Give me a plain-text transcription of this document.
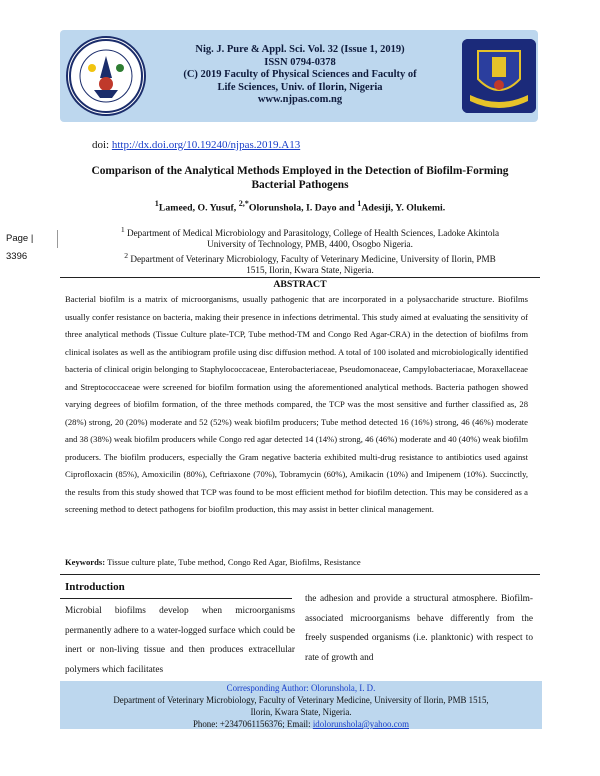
Nig. J. Pure & Appl. Sci. Vol. 32 (Issue 1, 2019)
ISSN 0794-0378
(C) 2019 Faculty of Physical Sciences and Faculty of
Life Sciences, Univ. of Ilorin, Nigeria
www.njpas.com.ng
doi: http://dx.doi.org/10.19240/njpas.2019.A13
Comparison of the Analytical Methods Employed in the Detection of Biofilm-Forming Bacterial Pathogens
$^1$Lameed, O. Yusuf, $^{2,*}$Olorunshola, I. Dayo and $^1$Adesiji, Y. Olukemi.
Page | 3396
$^1$ Department of Medical Microbiology and Parasitology, College of Health Sciences, Ladoke Akintola University of Technology, PMB, 4400, Osogbo Nigeria.
$^2$ Department of Veterinary Microbiology, Faculty of Veterinary Medicine, University of Ilorin, PMB 1515, Ilorin, Kwara State, Nigeria.
ABSTRACT
Bacterial biofilm is a matrix of microorganisms, usually pathogenic that are incorporated in a polysaccharide structure. Biofilms usually confer resistance on bacteria, making their presence in infections detrimental. This study aimed at evaluating the sensitivity of three analytical methods (Tissue Culture plate-TCP, Tube method-TM and Congo Red Agar-CRA) in the detection of biofilms from clinical isolates as well as the antibiogram profile using disc diffusion method. A total of 100 isolated and microbiologically identified bacteria of clinical origin belonging to Staphylococcaceae, Enterobacteriaceae, Pseudomonaceae, Campylobacteriacae, Moraxellaceae and Streptococcaceae were screened for biofilm formation using the aforementioned analytical methods. Bacteria pathogen showed varying degrees of biofilm formation, of the three methods compared, the TCP was the most sensitive and further classified as, 28 (28%) strong, 20 (20%) moderate and 52 (52%) weak biofilm producers; Tube method detected 16 (16%) strong, 46 (46%) moderate and 38 (38%) weak biofilm producers while Congo red agar detected 14 (14%) strong, 46 (46%) moderate and 40 (40%) weak biofilm producers. The biofilm producers, especially the Gram negative bacteria exhibited multi-drug resistance to antibiotics used against Ciprofloxacin (85%), Amoxicilin (80%), Ceftriaxone (70%), Tobramycin (60%), Amikacin (10%) and Imipenem (10%). Succinctly, the results from this study showed that TCP was found to be most efficient method for biofilm detection. This may be considered as a screening method to detect pathogens for biofilm production, this may assist in better clinical management.
Keywords: Tissue culture plate, Tube method, Congo Red Agar, Biofilms, Resistance
Introduction
Microbial biofilms develop when microorganisms permanently adhere to a water-logged surface which could be inert or non-living tissue and then produces extracellular polymers which facilitates
the adhesion and provide a structural atmosphere. Biofilm-associated microorganisms behave differently from the freely suspended organisms (i.e. planktonic) with respect to rate of growth and
Corresponding Author: Olorunshola, I. D.
Department of Veterinary Microbiology, Faculty of Veterinary Medicine, University of Ilorin, PMB 1515,
Ilorin, Kwara State, Nigeria.
Phone: +2347061156376; Email: idolorunshola@yahoo.com
